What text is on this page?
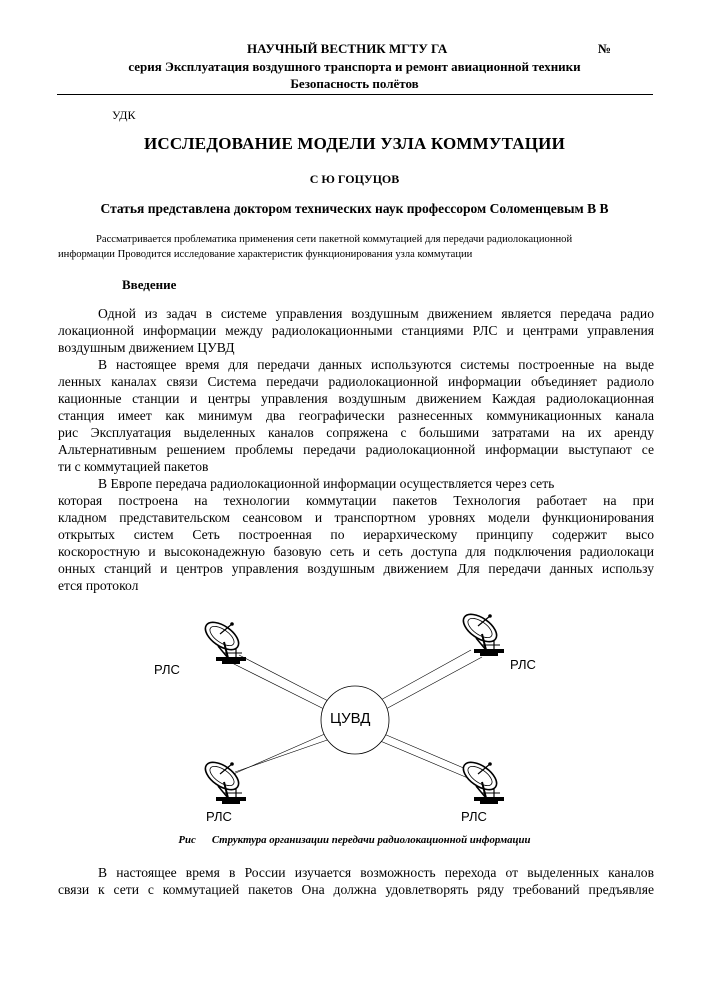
НАУЧНЫЙ ВЕСТНИК МГТУ ГА	№
серия Эксплуатация воздушного транспорта и ремонт авиационной техники
Безопасность полётов
УДК
ИССЛЕДОВАНИЕ МОДЕЛИ УЗЛА КОММУТАЦИИ
С Ю ГОЦУЦОВ
Статья представлена доктором технических наук профессором Соломенцевым В В
Рассматривается проблематика применения сети пакетной коммутацией для передачи радиолокационной
информации Проводится исследование характеристик функционирования узла коммутации
Введение
Одной из задач в системе управления воздушным движением является передача радио
локационной информации между радиолокационными станциями РЛС и центрами управления
воздушным движением ЦУВД
В настоящее время для передачи данных используются системы построенные на выде
ленных каналах связи Система передачи радиолокационной информации объединяет радиоло
кационные станции и центры управления воздушным движением Каждая радиолокационная
станция имеет как минимум два географически разнесенных коммуникационных канала
рис Эксплуатация выделенных каналов сопряжена с большими затратами на их аренду
Альтернативным решением проблемы передачи радиолокационной информации выступают се
ти с коммутацией пакетов
В Европе передача радиолокационной информации осуществляется через сеть
которая построена на технологии коммутации пакетов Технология работает на при
кладном представительском сеансовом и транспортном уровнях модели функционирования
открытых систем Сеть построенная по иерархическому принципу содержит высо
коскоростную и высоконадежную базовую сеть и сеть доступа для подключения радиолокаци
онных станций и центров управления воздушным движением Для передачи данных использу
ется протокол
ЦУВД
РЛС	РЛС
РЛС	РЛС
Рис Структура организации передачи радиолокационной информации
В настоящее время в России изучается возможность перехода от выделенных каналов
связи к сети с коммутацией пакетов Она должна удовлетворять ряду требований предъявляе
